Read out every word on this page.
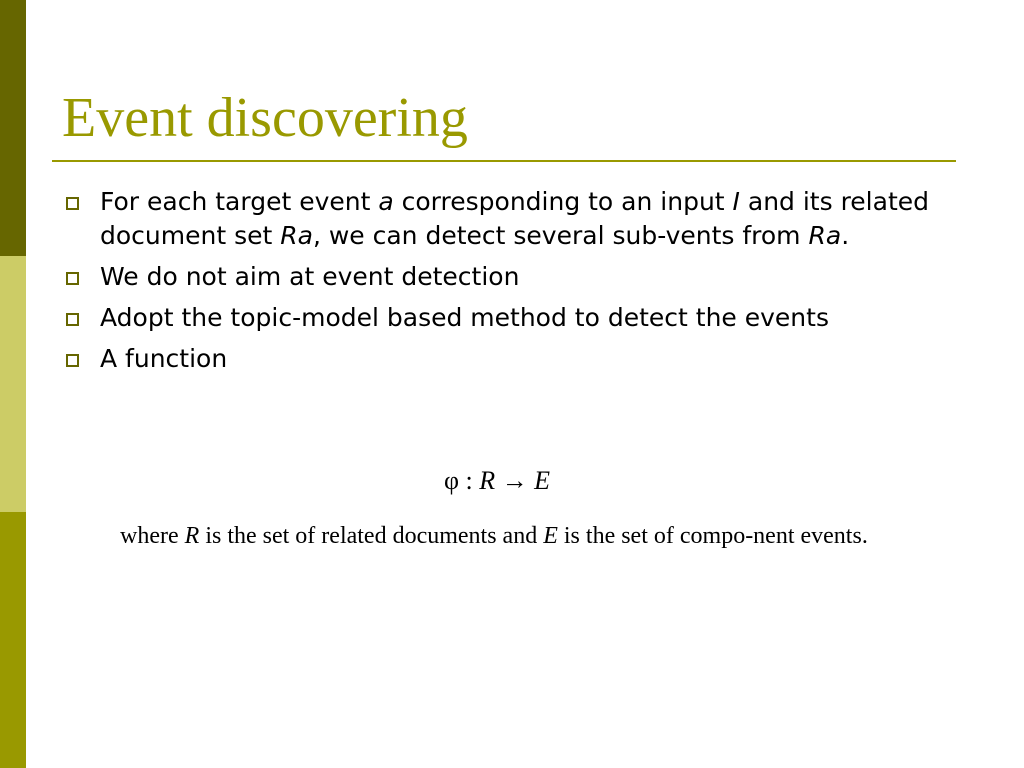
Event discovering
For each target event a corresponding to an input I and its related document set Ra, we can detect several sub-vents from Ra.
We do not aim at event detection
Adopt the topic-model based method to detect the events
A function
φ : R → E

where R is the set of related documents and E is the set of compo-nent events.
